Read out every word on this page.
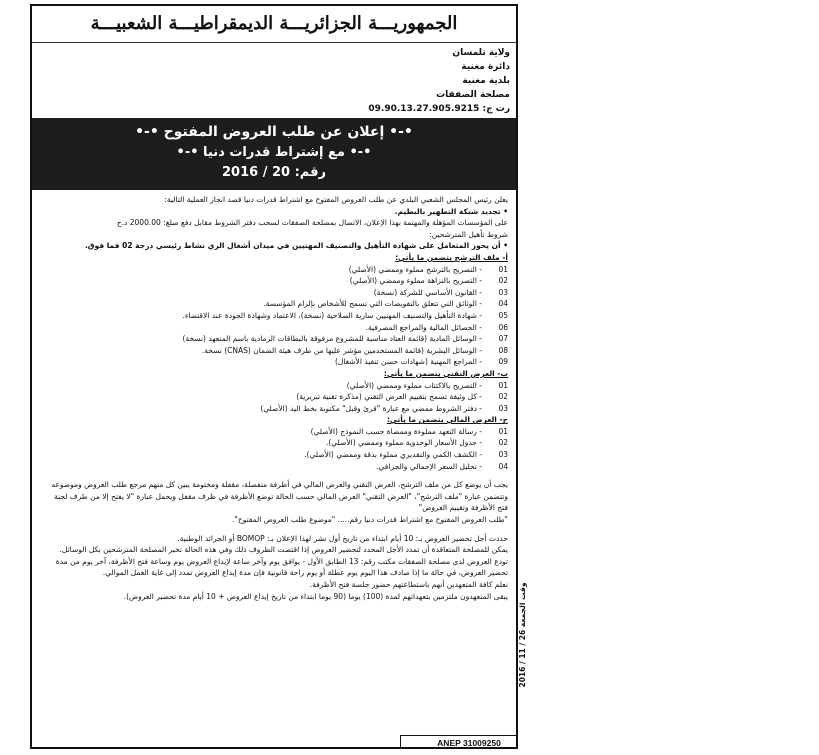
الجمهوريـــة الجزائريـــة الديمقراطيـــة الشعبيـــة
ولاية تلمسان
دائرة مغنية
بلدية مغنية
مصلحة الصفقات
رت ج: 09.90.13.27.905.9215
•-• إعلان عن طلب العروض المفتوح •-•
•-• مع إشتراط قدرات دنيا •-•
رقم: 20 / 2016

يعلن رئيس المجلس الشعبي البلدي عن طلب العروض المفتوح مع اشتراط قدرات دنيا قصد انجاز العملية التالية:

• تجديد شبكة التطهير بالبطيم.

على المؤسسات المؤهلة والمهتمة بهذا الإعلان، الاتصال بمصلحة الصفقات لسحب دفتر الشروط مقابل دفع مبلغ: 2000.00 د.ج

شروط تأهيل المترشحين:

• أن يحوز المتعامل على شهادة التأهيل والتصنيف المهنيين في ميدان أشغال الري نشاط رئيسي درجة 02 فما فوق.

أ- ملف الترشح يتضمن ما يأتي:

01- التصريح بالترشح مملوء وممضي (الأصلي)
02- التصريح بالنزاهة مملوء وممضي (الأصلي)
03- القانون الأساسي للشركة (نسخة)
04- الوثائق التي تتعلق بالتفويضات التي تسمح للأشخاص بإلزام المؤسسة.
05- شهادة التأهيل والتصنيف المهنيين سارية الصلاحية (نسخة)، الاعتماد وشهادة الجودة عند الاقتضاء.
06- الحصائل المالية والمراجع المصرفية.
07- الوسائل المادية (قائمة العتاد مناسبة للمشروع مرفوقة بالبطاقات الرمادية باسم المتعهد (نسخة)
08- الوسائل البشرية (قائمة المستخدمين مؤشر عليها من طرف هيئة الضمان (CNAS) نسخة.
09- المراجع المهنية (شهادات حسن تنفيذ الأشغال)

ب- العرض التقني يتضمن ما يأتي:

01- التصريح بالاكتتاب مملوء وممضي (الأصلي)
02- كل وثيقة تسمح بتقييم العرض التقني (مذكرة تقنية تبريرية)
03- دفتر الشروط ممضي مع عبارة "قرئ وقبل" مكتوبة بخط اليد (الأصلي)

ج- العرض المالي يتضمن ما يأتي:

01- رسالة التعهد مملوءة وممضاة حسب النموذج (الأصلي)
02- جدول الأسعار الوحدوية مملوء وممضي (الأصلي).
03- الكشف الكمي والتقديري مملوء بدقة وممضي (الأصلي).
04- تحليل السعر الإجمالي والجزافي.

يجب أن يوضع كل من ملف الترشح، العرض التقني والعرض المالي في أظرفة منفصلة، مقفلة ومختومة يبين كل منهم مرجع طلب العروض وموضوعه وتتضمن عبارة "ملف الترشح"، "العرض التقني" العرض المالي حسب الحالة توضع الأظرفة في ظرف مقفل ويحمل عبارة "لا يفتح إلا من طرف لجنة فتح الأظرفة وتقييم العروض"

"طلب العروض المفتوح مع اشتراط قدرات دنيا رقم..... "موضوع طلب العروض المفتوح".

حددت أجل تحضير العروض بـ: 10 أيام ابتداء من تاريخ أول نشر لهذا الإعلان بـ: BOMOP أو الجرائد الوطنية.

يمكن للمصلحة المتعاقدة أن تمدد الأجل المحدد لتحضير العروض إذا اقتضت الظروف ذلك وفي هذه الحالة تخبر المصلحة المترشحين بكل الوسائل.

تودع العروض لدى مصلحة الصفقات مكتب رقم: 13 الطابق الأول - يوافق يوم وآخر ساعة لإيداع العروض يوم وساعة فتح الأظرفة، آخر يوم من مدة تحضير العروض، في حالة ما إذا صادف هذا اليوم يوم عطلة أو يوم راحة قانونية فإن مدة إيداع العروض تمدد إلى غاية العمل الموالي.

نعلم كافة المتعهدين أنهم باستطاعتهم حضور جلسة فتح الأظرفة.

يبقى المتعهدون ملتزمين بتعهداتهم لمدة (100) يوما (90 يوما ابتداء من تاريخ إيداع العروض + 10 أيام مدة تحضير العروض).

ANEP 31009250
وقت الجمعة 26 / 11 / 2016
